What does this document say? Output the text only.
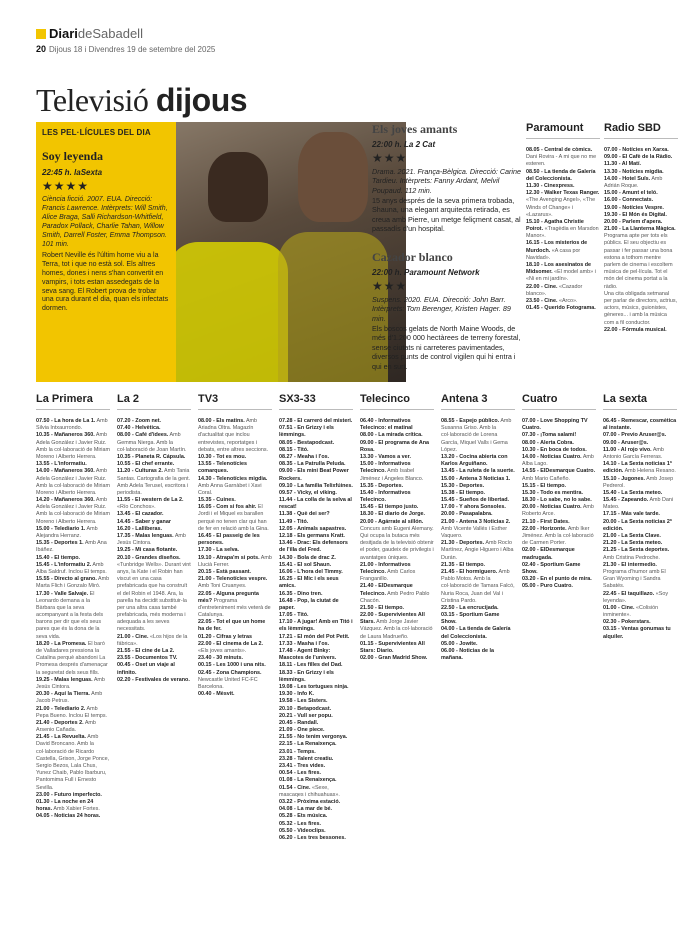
DiarideSabadell
20 Dijous 18 i Divendres 19 de setembre del 2025
Televisió dijous
LES PEL·LÍCULES DEL DIA
Soy leyenda
22:45 h. laSexta
★★★★
Ciència ficció. 2007. EUA. Direcció: Francis Lawrence. Intèrprets: Will Smith, Alice Braga, Salli Richardson-Whitfield, Paradox Pollack, Charlie Tahan, Willow Smith, Darrell Foster, Emma Thompson. 101 min.
Robert Neville és l'últim home viu a la Terra, tot i que no està sol. Els altres homes, dones i nens s'han convertit en vampirs, i tots estan assedegats de la seva sang. El Robert prova de trobar una cura durant el dia, quan els infectats dormen.
Els joves amants
22:00 h. La 2 Cat
★★★
Drama. 2021. França-Bèlgica. Direcció: Carine Tardieu. Intèrprets: Fanny Ardant, Melvil Poupaud. 112 min.
15 anys després de la seva primera trobada, Shauna, una elegant arquitecta retirada, es creua amb Pierre, un metge feliçment casat, al passadís d'un hospital.
Cazador blanco
22:00 h. Paramount Network
★★★
Suspens. 2020. EUA. Direcció: John Barr. Intèrprets: Tom Berenger, Kristen Hager. 89 min.
Els boscos gelats de North Maine Woods, de més d'1.200 000 hectàrees de terreny forestal, sense ciutats ni carreteres pavimentades, diversos punts de control vigilen qui hi entra i qui en surt.
Paramount
08.05 - Central de còmics. Dani Rovira - A mi que no me esteren.
08.50 - La tienda de Galería del Coleccionista.
11.30 - Cinexpress.
12.30 - Walker Texas Ranger. «The Avenging Angel», «The Winds of Change» i «Lazarus».
15.10 - Agatha Christie Poirot. «Tragèdia en Marsdon Manor».
16.15 - Los misterios de Murdoch. «A casa por Navidad».
18.10 - Los asesinatos de Midsomer. «El model amb» i «Ni en mi jardín».
22.00 - Cine. «Cazador blanco».
23.50 - Cine. «Arco».
01.45 - Querido Fotograma.
Radio SBD
07.00 - Notícies en Xarxa.
09.00 - El Cafè de la Ràdio.
11.30 - Al Matí.
13.30 - Notícies migdia.
14.00 - Hotel Suïs. Amb Adrián Roque.
15.00 - Amunt el teló.
16.00 - Connectats.
19.00 - Notícies Vespre.
19.30 - El Món és Digital.
20.00 - Parlem d'apera.
21.00 - La Llanterna Màgica. Programa apte per tots els públics. El seu objectiu es passar i fer passar una bona estona a tothom mentre parlem de cinema i escoltem música de pel·lícula. Tot el món del cinema portat a la ràdio.
Una cita obligada setmanal per parlar de directors, actrius, actors, músics, guionistes, gèneres... i amb la música com a fil conductor.
22.00 - Fórmula musical.
La Primera
07.50 - La hora de La 1. Amb Silvia Intxaurrondo.
10.35 - Mañaneros 360. Amb Adela González i Javier Ruiz. Amb la col·laboració de Miriam Moreno i Alberto Herrera.
13.55 - L'informatiu.
14.00 - Mañaneros 360. Amb Adela González i Javier Ruiz. Amb la col·laboració de Miriam Moreno i Alberto Herrera.
14.20 - Mañaneros 360. Amb Adela González i Javier Ruiz. Amb la col·laboració de Miriam Moreno i Alberto Herrera.
15.00 - Telediario 1. Amb Alejandra Herranz.
15.35 - Deportes 1. Amb Ana Ibáñez.
15.40 - El tiempo.
15.45 - L'informatiu 2. Amb Alba Saldruf. Inclou El temps.
15.55 - Directo al grano. Amb Marta Flich i Gonzalo Miró.
17.30 - Valle Salvaje. El Leonardo demana a la Bàrbara que la seva acompanyant a la festa dels barons per dir que els seus pares que és la dona de la seva vida.
18.20 - La Promesa. El baró de Valladares pressiona la Catalina perquè abandoni La Promesa després d'amenaçar la seguretat dels seus fills.
19.25 - Malas lenguas. Amb Jesús Cintora.
20.30 - Aquí la Tierra. Amb Jacob Petrus.
21.00 - Telediario 2. Amb Pepa Bueno. Inclou El temps.
21.40 - Deportes 2. Amb Arsenio Cañada.
21.45 - La Revuelta. Amb David Broncano. Amb la col·laboració de Ricardo Castella, Grison, Jorge Ponce, Sergio Bezos, Lala Chus, Yunez Chaib, Pablo Ibarburu, Pantomima Full i Ernesto Sevilla.
23.00 - Futuro imperfecto.
01.30 - La noche en 24 horas. Amb Xabier Fortes.
04.05 - Noticias 24 horas.
La 2
07.20 - Zoom net.
07.40 - Helvètica.
08.00 - Café d'idees. Amb Gemma Nierga. Amb la col·laboració de Joan Martín.
10.35 - Planeta R. Cápsula.
10.55 - El chef errante.
11.20 - Culturas 2. Amb Tania Santas. Cartografia de la gent. Amb Adela Terusel, escritora i periodista.
11.55 - El western de La 2. «Río Conchos».
13.45 - El cazador.
14.45 - Saber y ganar
16.20 - Lalliberas.
17.35 - Malas lenguas. Amb Jesús Cintora.
19.25 - Mi casa flotante.
20.10 - Grandes diseños. «Tunbridge Wells». Durant vint anys, la Kate i el Robin han viscut en una casa prefabricada que ha construït el del Robin el 1948. Ara, la parella ha decidit substituir-la per una altra casa també prefabricada, més moderna i adequada a les seves necessitats.
21.00 - Cine. «Los hijos de la fábrica».
21.55 - El cine de La 2.
23.55 - Documentos TV.
00.45 - Oset un viaje al infinito.
02.20 - Festivales de verano.
TV3
08.00 - Els matins. Amb Ariadna Oltra. Magazín d'actualitat que inclou entrevistes, reportatges i debats, entre altres seccions.
10.30 - Tot es mou.
13.55 - Telenotícies comarques.
14.30 - Telenotícies migdia. Amb Anna Garnàbet i Xavi Coral.
15.35 - Cuines.
16.05 - Com si fos ahir. El Jordi i el Miquel es barallen perquè no tenen clar qui han de fer en relació amb la Gina.
16.45 - El passeig de les persones.
17.30 - La selva.
19.10 - Atrapa'm si pots. Amb Llucià Ferrer.
20.15 - Està passant.
21.00 - Telenotícies vespre. Amb Toni Cruanyes.
22.05 - Alguna pregunta més? Programa d'entreteniment més veterà de Catalunya.
22.05 - Tot el que un home ha de fer.
01.20 - Cifras y letras
22.00 - El cinema de La 2. «Els joves amants».
23.40 - 30 minuts.
00.15 - Les 1000 i una nits.
02.45 - Zona Champions. Newcastle United FC-FC Barcelona.
00.40 - Mèsvit.
SX3-33
07.28 - El carreró del misteri.
07.51 - En Grizzy i els lèmmings.
08.05 - Bestapodcast.
08.15 - Titó.
08.27 - Meaha i l'os.
08.35 - La Patrulla Peluda.
09.00 - Els mini Beat Power Rockers.
09.10 - La família Telixfúines.
09.57 - Vicky, el viking.
11.44 - La colla de la selva al rescat!
11.38 - Què dei ser?
11.49 - Titó.
12.05 - Animals sapastres.
12.18 - Els germans Kratt.
13.46 - Drac: Els defensors de l'illa del Fred.
14.30 - Bola de drac Z.
15.41 - El sol Shaun.
16.06 - L'hora del Timmy.
16.25 - El Mic i els seus amics.
16.35 - Dino tren.
16.48 - Pop, la ciutat de paper.
17.05 - Titó.
17.10 - A jugar! Amb en Titó i els lèmmings.
17.21 - El món del Pot Petit.
17.33 - Masha i l'os.
17.48 - Agent Binky: Mascotes de l'univers.
18.11 - Les filles del Dad.
18.33 - En Grizzy i els lèmmings.
19.08 - Les tortugues ninja.
19.30 - Info K.
19.58 - Les Sisters.
20.10 - Betapodcast.
20.21 - Vull ser popu.
20.45 - Randall.
21.09 - One piece.
21.55 - No tenim vergonya.
22.15 - La Renaixença.
23.01 - Temps.
23.28 - Talent creatiu.
23.41 - Tres vides.
00.54 - Les fires.
01.08 - La Renaixença.
01.54 - Cine. «Sexe, mascaqes i chihuahuas».
03.22 - Pròxima estació.
04.08 - La mar de bé.
05.28 - Ets música.
05.32 - Les fires.
05.50 - Videoclips.
06.20 - Les tres bessones.
Telecinco
06.40 - Informativos Telecinco: el matinal
08.00 - La mirada crítica.
09.00 - El programa de Ana Rosa.
13.30 - Vamos a ver.
15.00 - Informativos Telecinco. Amb Isabel Jiménez i Ángeles Blanco.
15.35 - Deportes.
15.40 - Informativos Telecinco.
15.45 - El tiempo justo.
18.30 - El diario de Jorge.
20.00 - Agárrate al sillón. Concurs amb Eugeni Alemany. Qui ocupa la butaca més desitjada de la televisió obtenir el poder, gaudeix de privilegis i avantatges úniques.
21.00 - Informativos Telecinco. Amb Carlos Franganillo.
21.40 - ElDesmarque Telecinco. Amb Pedro Pablo Chacón.
21.50 - El tiempo.
22.00 - Supervivientes All Stars. Amb Jorge Javier Vázquez. Amb la col·laboració de Laura Madrueño.
01.15 - Supervivientes All Stars: Diario.
02.00 - Gran Madrid Show.
Antena 3
08.55 - Espejo público. Amb Susanna Griso. Amb la col·laboració de Lorena García, Miquel Valls i Gema López.
13.20 - Cocina abierta con Karlos Arguiñano.
13.45 - La ruleta de la suerte.
15.00 - Antena 3 Noticias 1.
15.30 - Deportes.
15.38 - El tiempo.
15.45 - Sueños de libertad.
17.00 - Y ahora Sonsoles.
20.00 - Pasapalabra.
21.00 - Antena 3 Noticias 2. Amb Vicente Vallés i Esther Vaquero.
21.30 - Deportes. Amb Rocío Martínez, Angie Higuero i Alba Durán.
21.35 - El tiempo.
21.45 - El hormiguero. Amb Pablo Motos. Amb la col·laboració de Tamara Falcó, Nuria Roca, Juan del Val i Cristina Pardo.
22.50 - La encrucijada.
03.15 - Sportium Game Show.
04.00 - La tienda de Galería del Coleccionista.
05.00 - Jowite.
06.00 - Noticias de la mañana.
Cuatro
07.00 - Love Shopping TV Cuatro.
07.30 - ¡Toma salami!
08.00 - Alerta Cobra.
10.30 - En boca de todos.
14.00 - Noticias Cuatro. Amb Alba Lago.
14.55 - ElDesmarque Cuatro. Amb Mario Cañeño.
15.15 - El tiempo.
15.30 - Todo es mentira.
18.30 - Lo sabe, no lo sabe.
20.00 - Noticias Cuatro. Amb Roberto Arce.
21.10 - First Dates.
22.00 - Horizonte. Amb Iker Jiménez. Amb la col·laboració de Carmen Porter.
02.00 - ElDesmarque madrugada.
02.40 - Sportium Game Show.
03.20 - En el punto de mira.
05.00 - Puro Cuatro.
La sexta
06.45 - Remescar, cosmètica al instante.
07.00 - Previo Aruser@s.
09.00 - Aruser@s.
11.00 - Al rojo vivo. Amb Antonio García Ferreras.
14.10 - La Sexta noticias 1ª edición. Amb Helena Resano.
15.10 - Jugones. Amb Josep Pedrerol.
15.40 - La Sexta meteo.
15.45 - Zapeando. Amb Dani Mateo.
17.15 - Más vale tarde.
20.00 - La Sexta noticias 2ª edición.
21.00 - La Sexta Clave.
21.20 - La Sexta meteo.
21.25 - La Sexta deportes. Amb Cristina Pedroche.
21.30 - El intermedio. Programa d'humor amb El Gran Wyoming i Sandra Sabatés.
22.45 - El taquillazo. «Soy leyenda».
01.00 - Cine. «Colisión inminente».
02.30 - Pokerstars.
03.15 - Ventas gonumas tu alquiler.
